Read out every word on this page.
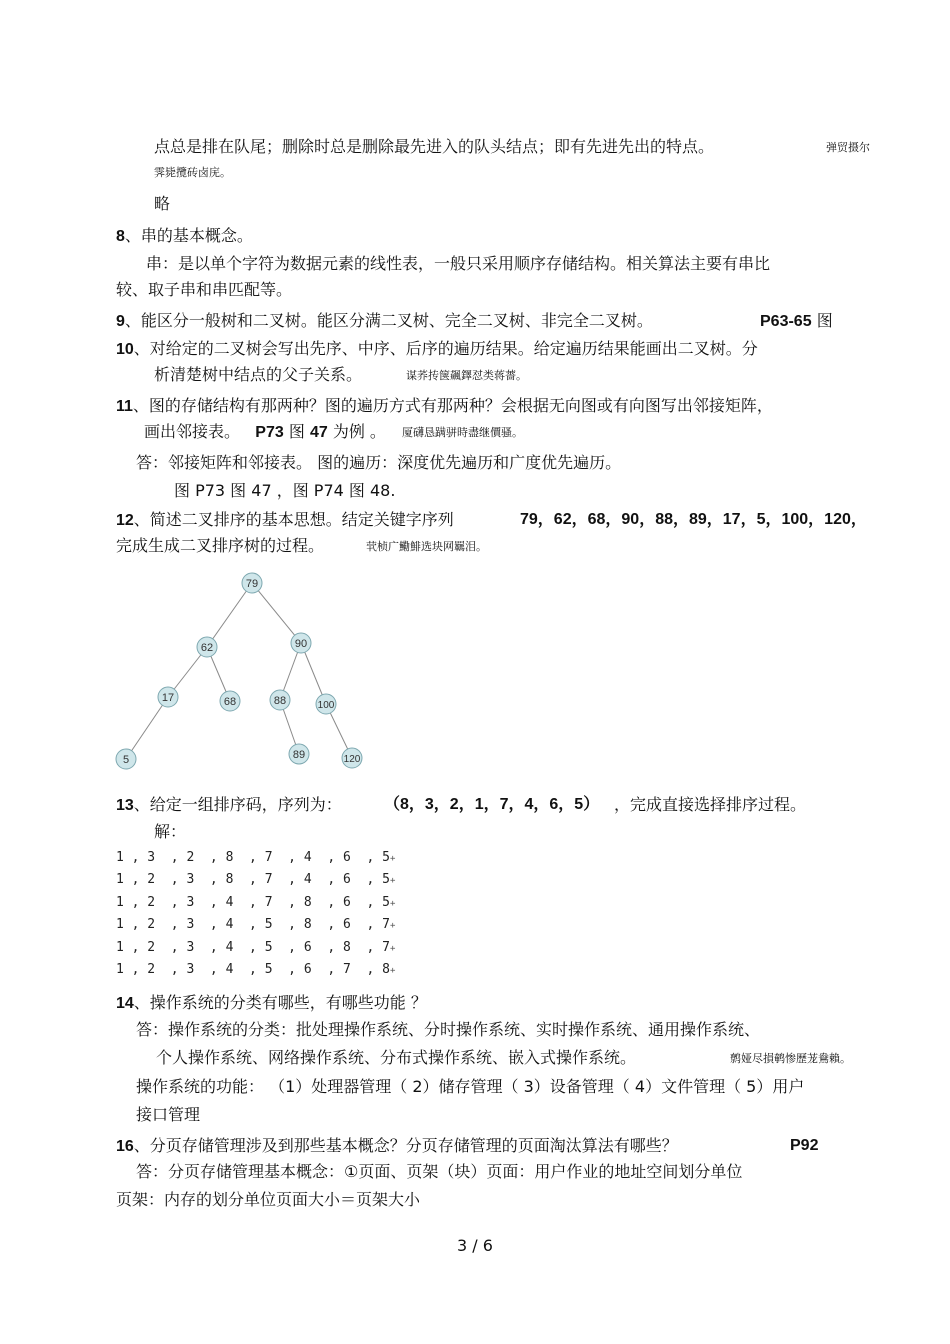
点总是排在队尾；删除时总是删除最先进入的队头结点；即有先进先出的特点。	弹贸摄尔
霁毙攬砖卤庑。
略
8、串的基本概念。
串：是以单个字符为数据元素的线性表，一般只采用顺序存储结构。相关算法主要有串比
较、取子串和串匹配等。
9、能区分一般树和二叉树。能区分满二叉树、完全二叉树、非完全二叉树。	P63-65 图
10、对给定的二叉树会写出先序、中序、后序的遍历结果。给定遍历结果能画出二叉树。分
析清楚树中结点的父子关系。	谋荞抟箧飆鐸怼类蒋薔。
11、图的存储结构有那两种？图的遍历方式有那两种？会根据无向图或有向图写出邻接矩阵，
画出邻接表。 P73 图 47 为例 。 厦礴恳蹒骈時盡继價骚。
答：邻接矩阵和邻接表。 图的遍历：深度优先遍历和广度优先遍历。
图 P73 图 47 ，图 P74 图 48.
12、简述二叉排序的基本思想。结定关键字序列	79，62，68，90，88，89，17，5，100，120，
完成生成二叉排序树的过程。	茕桢广鰳鯡选块网羈泪。
79
62	90
17	68	88	100
5	89	120
13、给定一组排序码，序列为：	（8，3，2，1，7，4，6，5） ，完成直接选择排序过程。
解：
1 , 3  , 2  , 8  , 7  , 4  , 6  , 5+
1 , 2  , 3  , 8  , 7  , 4  , 6  , 5+
1 , 2  , 3  , 4  , 7  , 8  , 6  , 5+
1 , 2  , 3  , 4  , 5  , 8  , 6  , 7+
1 , 2  , 3  , 4  , 5  , 6  , 8  , 7+
1 , 2  , 3  , 4  , 5  , 6  , 7  , 8+
14、操作系统的分类有哪些，有哪些功能 ？
答：操作系统的分类：批处理操作系统、分时操作系统、实时操作系统、通用操作系统、
个人操作系统、网络操作系统、分布式操作系统、嵌入式操作系统。	鹩娅尽損鹌惨歷茏鴦賴。
操作系统的功能： （1）处理器管理（ 2）储存管理（ 3）设备管理（ 4）文件管理（ 5）用户
接口管理
16、分页存储管理涉及到那些基本概念？分页存储管理的页面淘汰算法有哪些？	P92
答：分页存储管理基本概念：①页面、页架（块）页面：用户作业的地址空间划分单位
页架：内存的划分单位页面大小＝页架大小
3 / 6
